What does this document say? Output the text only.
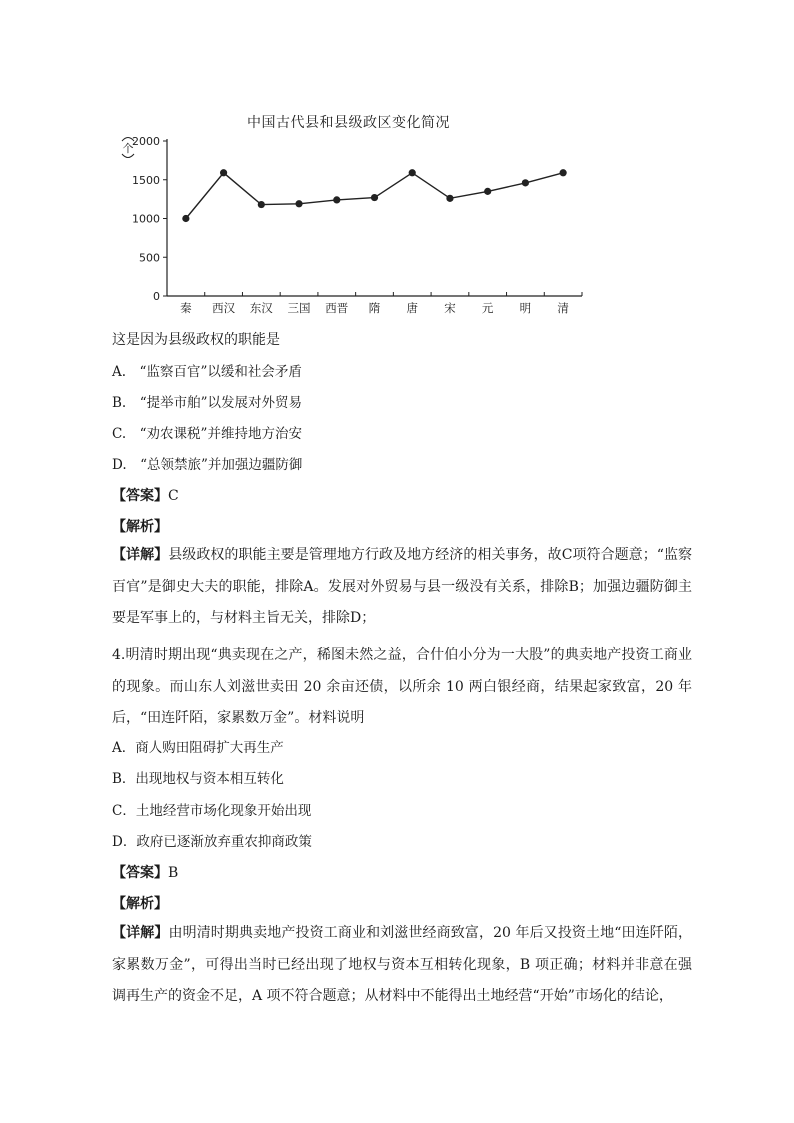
中国古代县和县级政区变化简况
0
500
1000
1500
2000
个
秦 西汉 东汉 三国 西晋 隋 唐 宋 元 明 清
这是因为县级政权的职能是
A.　“监察百官”以缓和社会矛盾
B.　“提举市舶”以发展对外贸易
C.　“劝农课税”并维持地方治安
D.　“总领禁旅”并加强边疆防御
【答案】C
【解析】
【详解】县级政权的职能主要是管理地方行政及地方经济的相关事务，故C项符合题意；“监察百官”是御史大夫的职能，排除A。发展对外贸易与县一级没有关系，排除B；加强边疆防御主要是军事上的，与材料主旨无关，排除D；
4.明清时期出现“典卖现在之产，稀图未然之益，合什伯小分为一大股”的典卖地产投资工商业的现象。而山东人刘滋世卖田 20 余亩还债，以所余 10 两白银经商，结果起家致富，20 年后，“田连阡陌，家累数万金”。材料说明
A．商人购田阻碍扩大再生产
B．出现地权与资本相互转化
C．土地经营市场化现象开始出现
D．政府已逐渐放弃重农抑商政策
【答案】B
【解析】
【详解】由明清时期典卖地产投资工商业和刘滋世经商致富，20 年后又投资土地“田连阡陌，家累数万金”，可得出当时已经出现了地权与资本互相转化现象，B 项正确；材料并非意在强调再生产的资金不足，A 项不符合题意；从材料中不能得出土地经营“开始”市场化的结论，
